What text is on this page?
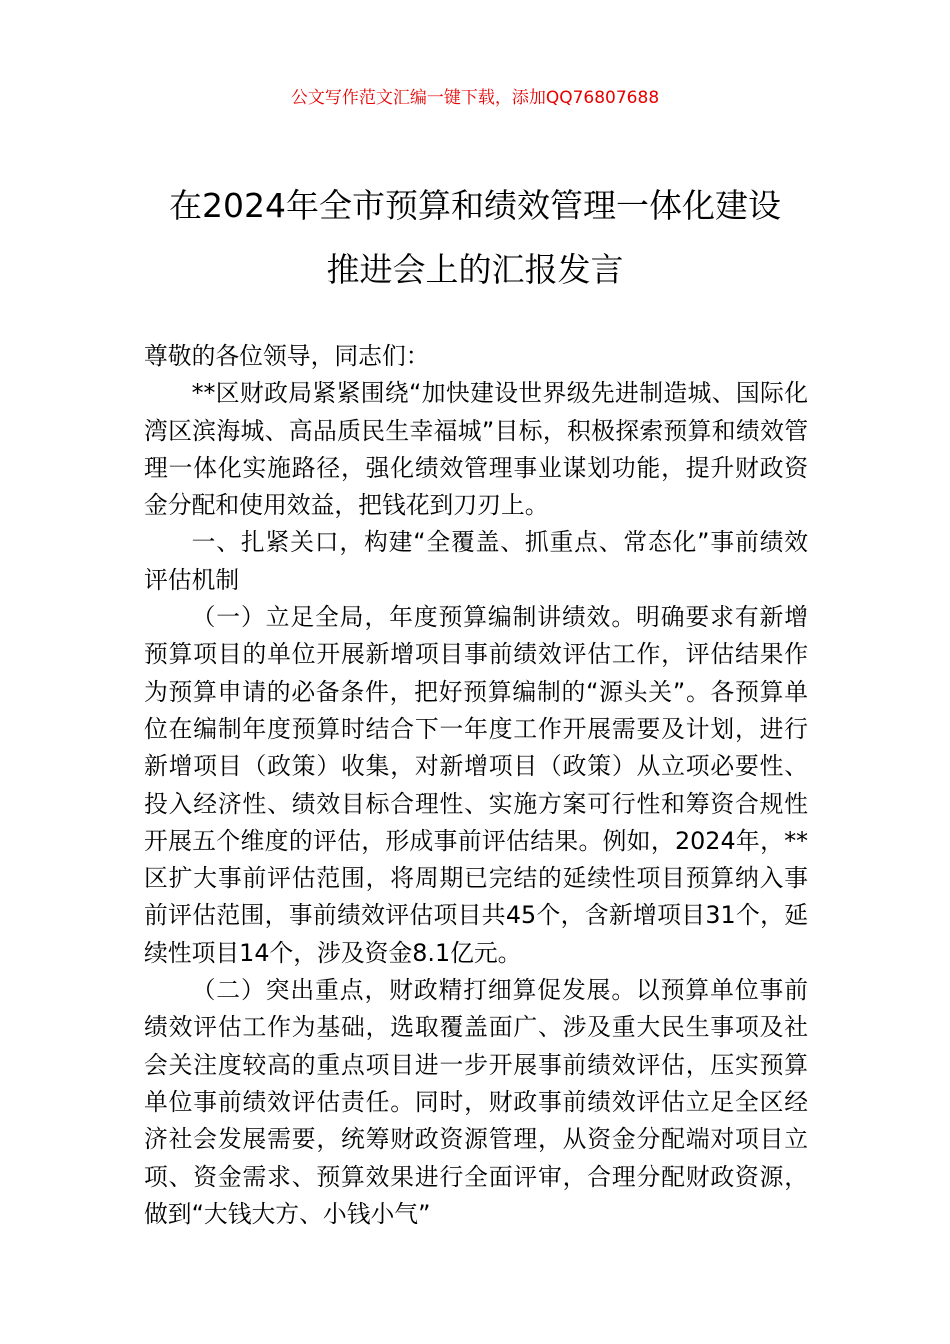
公文写作范文汇编一键下载，添加QQ76807688
在2024年全市预算和绩效管理一体化建设
推进会上的汇报发言

尊敬的各位领导，同志们：

**区财政局紧紧围绕“加快建设世界级先进制造城、国际化湾区滨海城、高品质民生幸福城”目标，积极探索预算和绩效管理一体化实施路径，强化绩效管理事业谋划功能，提升财政资金分配和使用效益，把钱花到刀刃上。

一、扎紧关口，构建“全覆盖、抓重点、常态化”事前绩效评估机制

（一）立足全局，年度预算编制讲绩效。明确要求有新增预算项目的单位开展新增项目事前绩效评估工作，评估结果作为预算申请的必备条件，把好预算编制的“源头关”。各预算单位在编制年度预算时结合下一年度工作开展需要及计划，进行新增项目（政策）收集，对新增项目（政策）从立项必要性、投入经济性、绩效目标合理性、实施方案可行性和筹资合规性开展五个维度的评估，形成事前评估结果。例如，2024年，**区扩大事前评估范围，将周期已完结的延续性项目预算纳入事前评估范围，事前绩效评估项目共45个，含新增项目31个，延续性项目14个，涉及资金8.1亿元。

（二）突出重点，财政精打细算促发展。以预算单位事前绩效评估工作为基础，选取覆盖面广、涉及重大民生事项及社会关注度较高的重点项目进一步开展事前绩效评估，压实预算单位事前绩效评估责任。同时，财政事前绩效评估立足全区经济社会发展需要，统筹财政资源管理，从资金分配端对项目立项、资金需求、预算效果进行全面评审，合理分配财政资源，做到“大钱大方、小钱小气”
